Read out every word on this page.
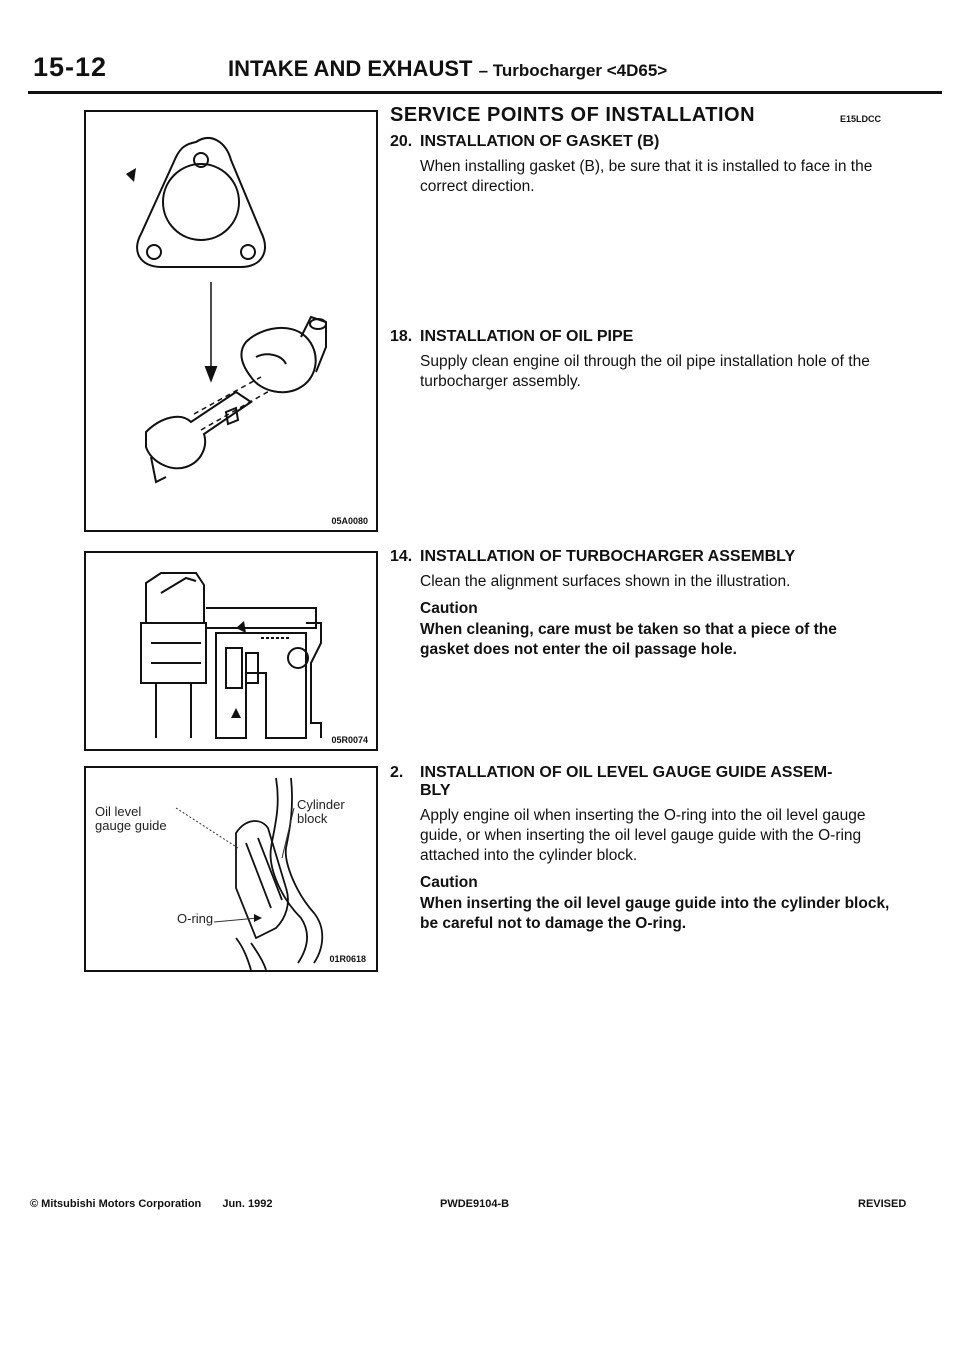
15-12	INTAKE AND EXHAUST – Turbocharger <4D65>
05A0080
05R0074
Oil level
gauge guide
Cylinder
block
O-ring
01R0618
SERVICE POINTS OF INSTALLATION	E15LDCC
20. INSTALLATION OF GASKET (B)

When installing gasket (B), be sure that it is installed to face in the correct direction.

18. INSTALLATION OF OIL PIPE

Supply clean engine oil through the oil pipe installation hole of the turbocharger assembly.

14. INSTALLATION OF TURBOCHARGER ASSEMBLY

Clean the alignment surfaces shown in the illustration.

Caution
When cleaning, care must be taken so that a piece of the gasket does not enter the oil passage hole.
2.	INSTALLATION OF OIL LEVEL GAUGE GUIDE ASSEM-BLY

Apply engine oil when inserting the O-ring into the oil level gauge guide, or when inserting the oil level gauge guide with the O-ring attached into the cylinder block.

Caution
When inserting the oil level gauge guide into the cylinder block, be careful not to damage the O-ring.
© Mitsubishi Motors Corporation Jun. 1992	PWDE9104-B	REVISED
